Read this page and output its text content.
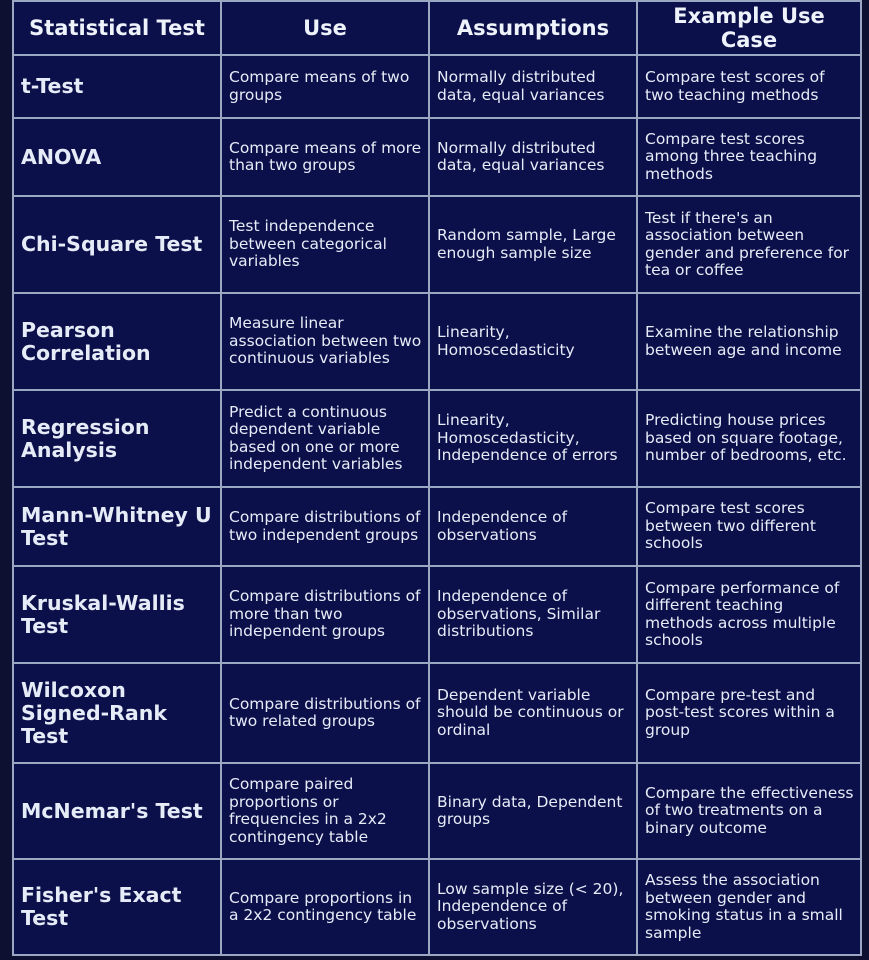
Statistical Test	Use	Assumptions	Example Use Case
t-Test	Compare means of two groups	Normally distributed data, equal variances	Compare test scores of two teaching methods
ANOVA	Compare means of more than two groups	Normally distributed data, equal variances	Compare test scores among three teaching methods
Chi-Square Test	Test independence between categorical variables	Random sample, Large enough sample size	Test if there's an association between gender and preference for tea or coffee
Pearson Correlation	Measure linear association between two continuous variables	Linearity, Homoscedasticity	Examine the relationship between age and income
Regression Analysis	Predict a continuous dependent variable based on one or more independent variables	Linearity, Homoscedasticity, Independence of errors	Predicting house prices based on square footage, number of bedrooms, etc.
Mann-Whitney U Test	Compare distributions of two independent groups	Independence of observations	Compare test scores between two different schools
Kruskal-Wallis Test	Compare distributions of more than two independent groups	Independence of observations, Similar distributions	Compare performance of different teaching methods across multiple schools
Wilcoxon Signed-Rank Test	Compare distributions of two related groups	Dependent variable should be continuous or ordinal	Compare pre-test and post-test scores within a group
McNemar's Test	Compare paired proportions or frequencies in a 2x2 contingency table	Binary data, Dependent groups	Compare the effectiveness of two treatments on a binary outcome
Fisher's Exact Test	Compare proportions in a 2x2 contingency table	Low sample size (< 20), Independence of observations	Assess the association between gender and smoking status in a small sample
